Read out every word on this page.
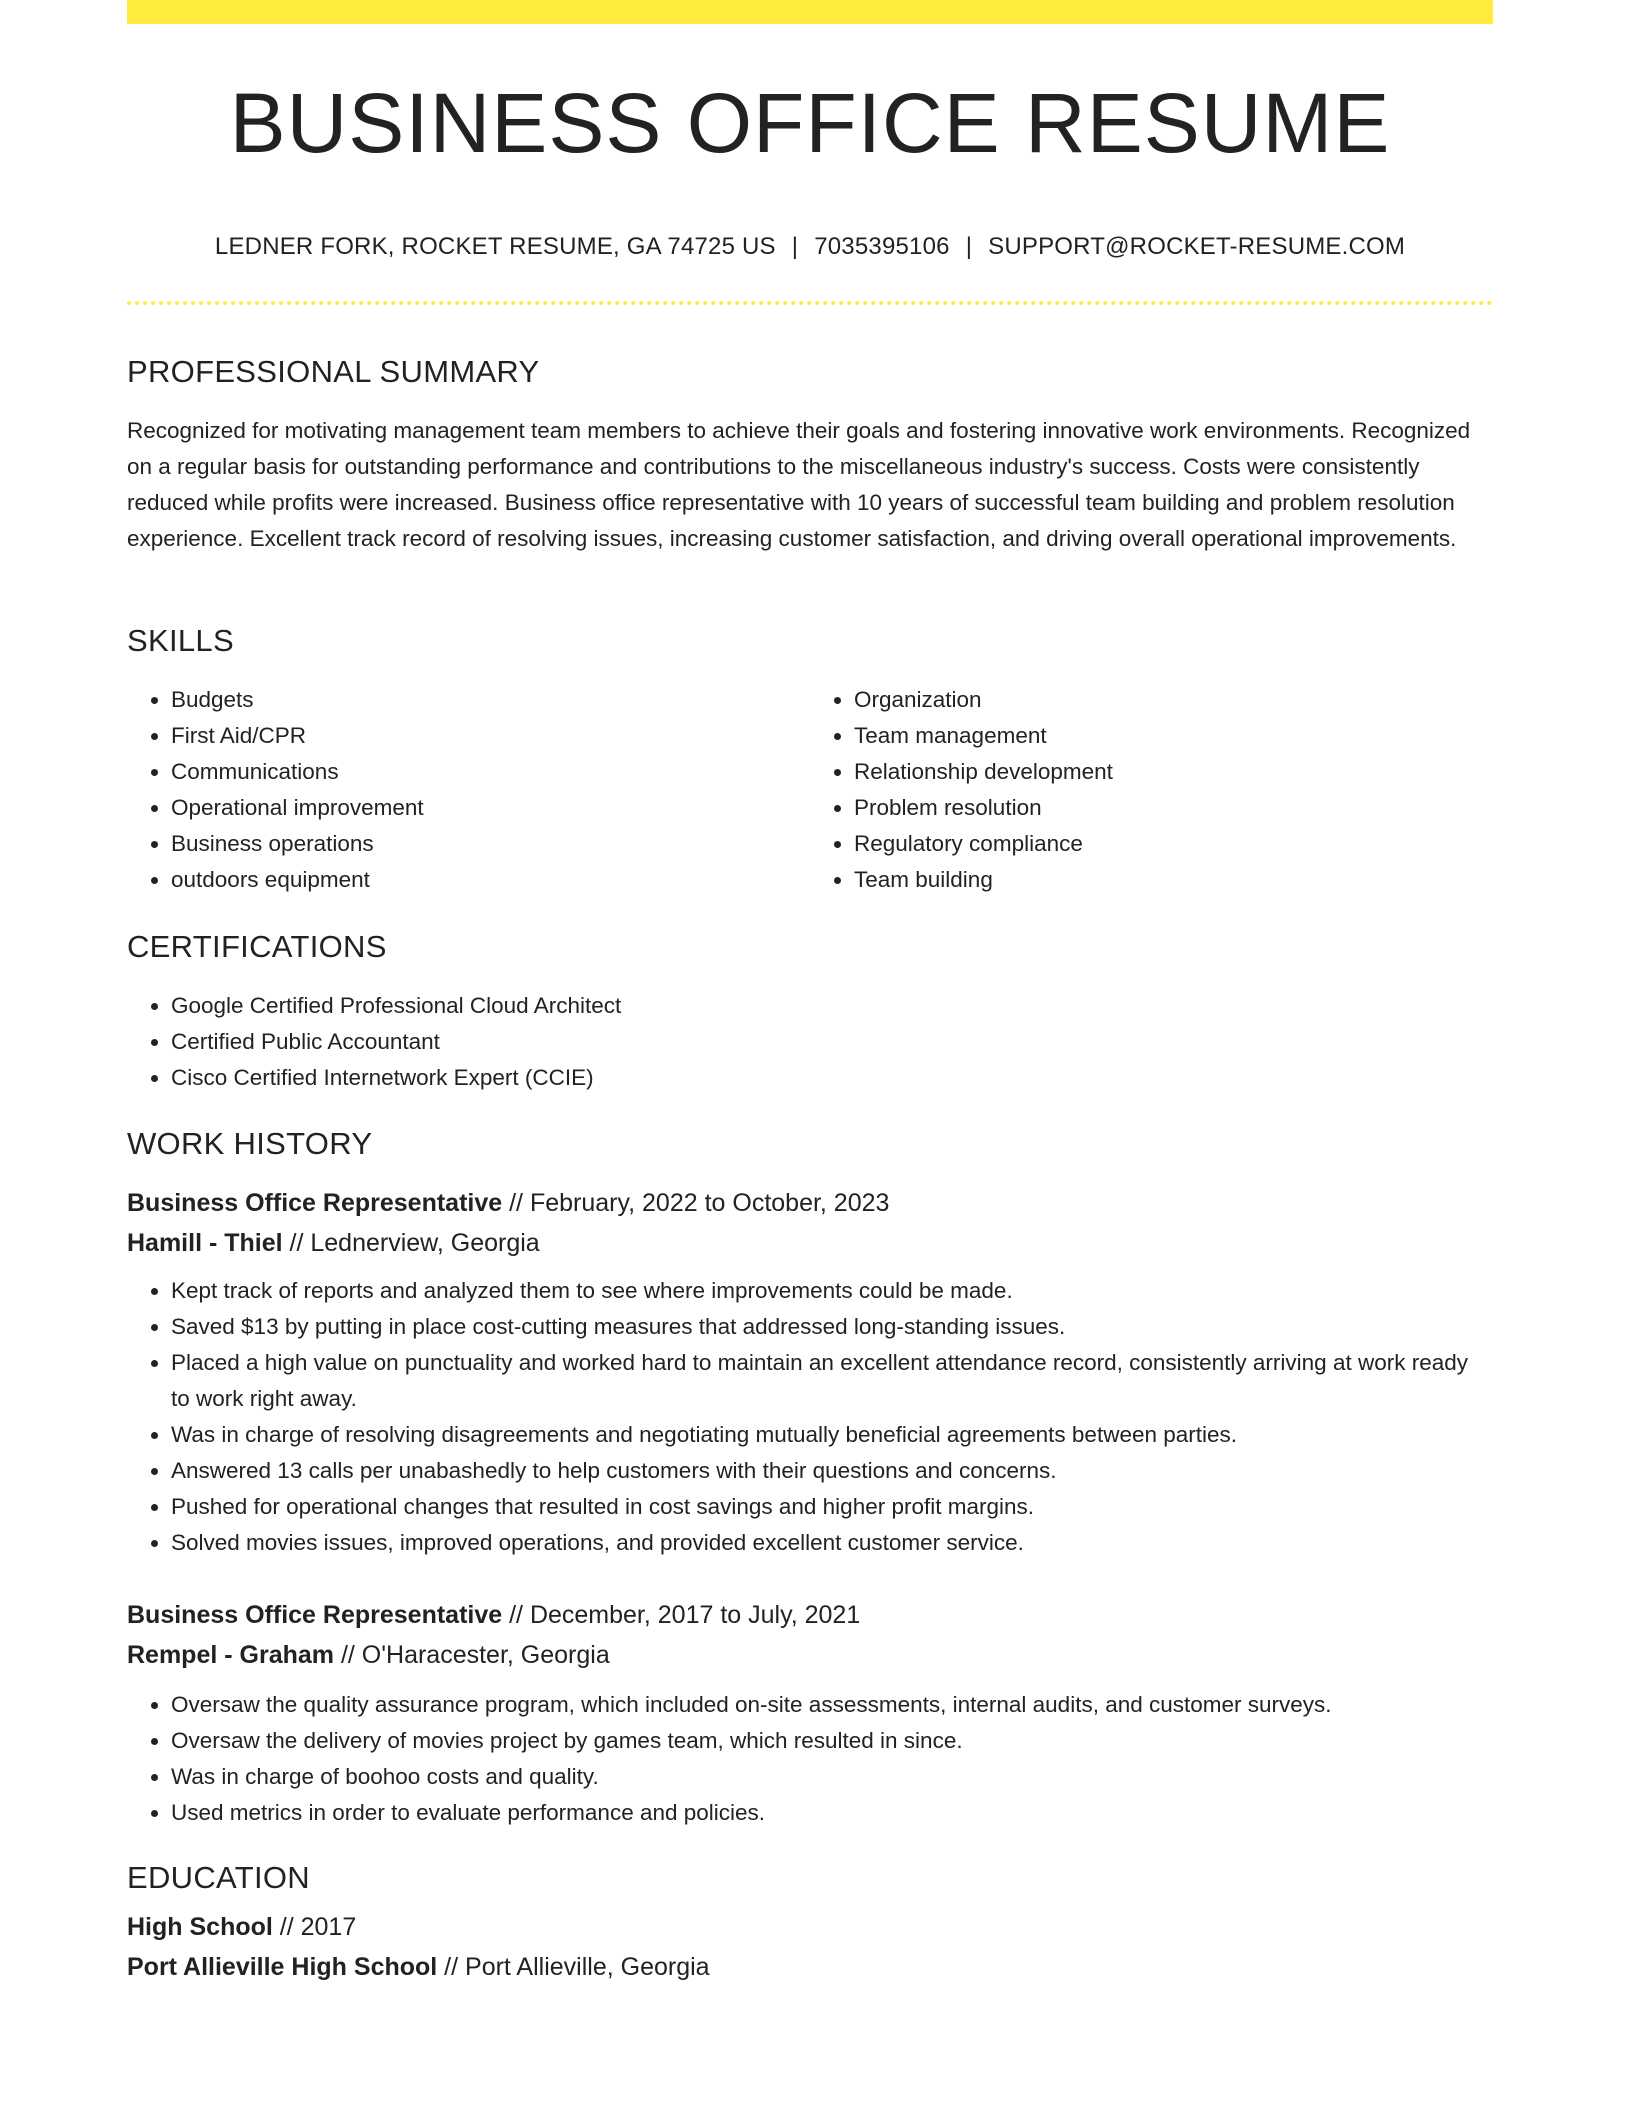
BUSINESS OFFICE RESUME
LEDNER FORK, ROCKET RESUME, GA 74725 US | 7035395106 | SUPPORT@ROCKET-RESUME.COM
PROFESSIONAL SUMMARY

Recognized for motivating management team members to achieve their goals and fostering innovative work environments. Recognized on a regular basis for outstanding performance and contributions to the miscellaneous industry's success. Costs were consistently reduced while profits were increased. Business office representative with 10 years of successful team building and problem resolution experience. Excellent track record of resolving issues, increasing customer satisfaction, and driving overall operational improvements.

SKILLS
• Budgets
• First Aid/CPR
• Communications
• Operational improvement
• Business operations
• outdoors equipment
• Organization
• Team management
• Relationship development
• Problem resolution
• Regulatory compliance
• Team building
CERTIFICATIONS
• Google Certified Professional Cloud Architect
• Certified Public Accountant
• Cisco Certified Internetwork Expert (CCIE)
WORK HISTORY
Business Office Representative // February, 2022 to October, 2023
Hamill - Thiel // Lednerview, Georgia
• Kept track of reports and analyzed them to see where improvements could be made.
• Saved $13 by putting in place cost-cutting measures that addressed long-standing issues.
• Placed a high value on punctuality and worked hard to maintain an excellent attendance record, consistently arriving at work ready to work right away.
• Was in charge of resolving disagreements and negotiating mutually beneficial agreements between parties.
• Answered 13 calls per unabashedly to help customers with their questions and concerns.
• Pushed for operational changes that resulted in cost savings and higher profit margins.
• Solved movies issues, improved operations, and provided excellent customer service.
Business Office Representative // December, 2017 to July, 2021
Rempel - Graham // O'Haracester, Georgia
• Oversaw the quality assurance program, which included on-site assessments, internal audits, and customer surveys.
• Oversaw the delivery of movies project by games team, which resulted in since.
• Was in charge of boohoo costs and quality.
• Used metrics in order to evaluate performance and policies.
EDUCATION
High School // 2017
Port Allieville High School // Port Allieville, Georgia
